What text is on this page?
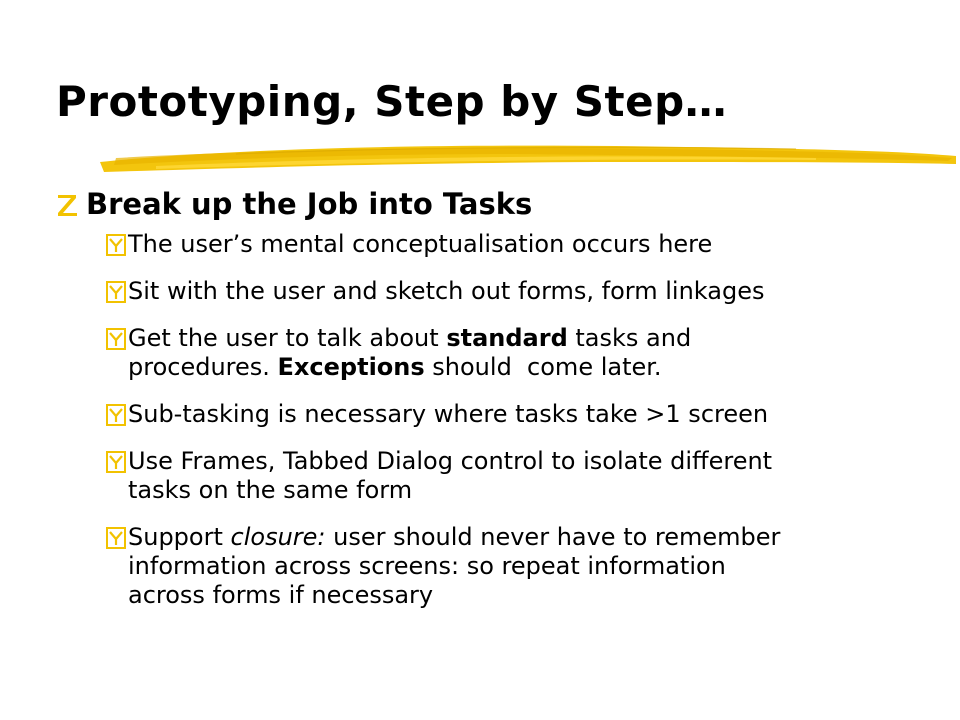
Prototyping, Step by Step…
Break up the Job into Tasks
The user’s mental conceptualisation occurs here
Sit with the user and sketch out forms, form linkages
Get the user to talk about standard tasks and
procedures. Exceptions should  come later.
Sub-tasking is necessary where tasks take >1 screen
Use Frames, Tabbed Dialog control to isolate different
tasks on the same form
Support closure: user should never have to remember
information across screens: so repeat information
across forms if necessary
